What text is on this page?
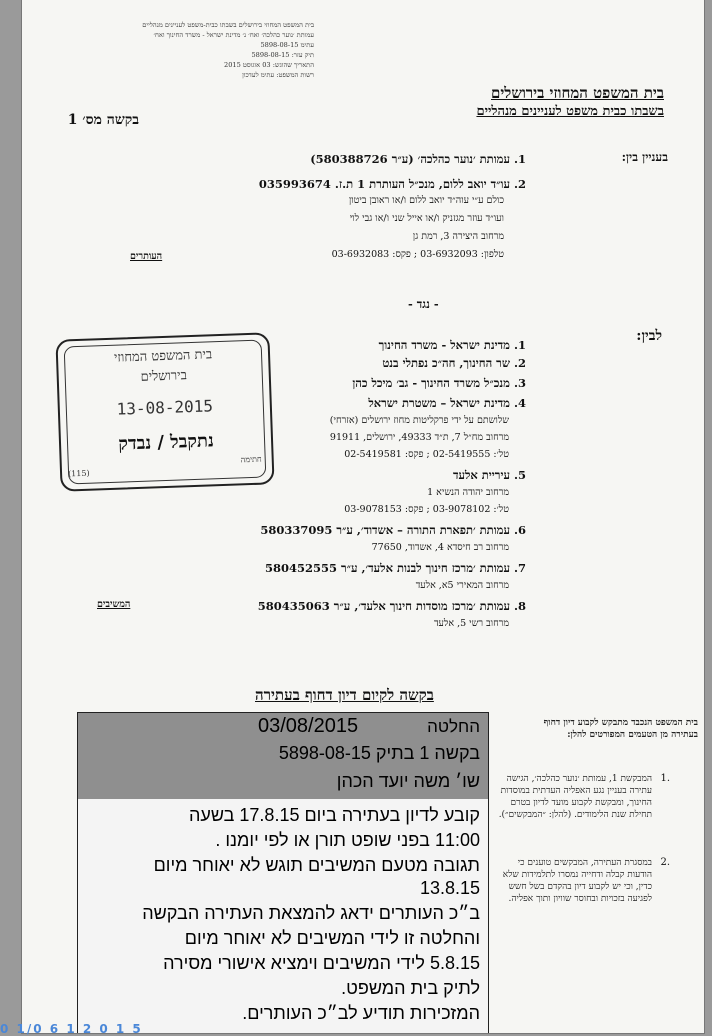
בית המשפט המחוזי בירושלים בשבתו כבית-משפט לעניינים מנהליים
עמותת ׳נוער כהלכה׳ ואח׳ נ׳ מדינת ישראל - משרד החינוך ואח׳
עתימ 5898-08-15
תיק עזר: 5898-08-15
התאריך שהוגש: 03 אוגוסט 2015
רשות המשפט: עתימ לעדכון
בית המשפט המחוזי בירושלים
בשבתו כבית משפט לעניינים מנהליים
בקשה מס׳ 1
בעניין בין:
1. עמותת ׳נוער כהלכה׳ (ע״ר 580388726)
2. עו״ד יואב ללום, מנכ״ל העותרת 1 ת.ז. 035993674
כולם ע״י עוה״ד יואב ללום ו/או ראובן ביטון
ועו״ד עוזר מגזניק ו/או אייל שני ו/או גבי לוי
מרחוב היצירה 3, רמת גן
טלפון: 03-6932093 ; פקס: 03-6932083
העותרים
- נגד -
לבין:
1. מדינת ישראל - משרד החינוך
2. שר החינוך, חה״כ נפתלי בנט
3. מנכ״ל משרד החינוך - גב׳ מיכל כהן
4. מדינת ישראל – משטרת ישראל
שלושתם על ידי פרקליטות מחוז ירושלים (אזרחי)
מרחוב מח״ל 7, ת״ד 49333, ירושלים, 91911
טל׳: 02-5419555 ; פקס: 02-5419581
5. עיריית אלעד
מרחוב יהודה הנשיא 1
טל׳: 03-9078102 ; פקס: 03-9078153
6. עמותת ׳תפארת התורה – אשדוד׳, ע״ר 580337095
מרחוב רב חיסדא 4, אשדוד, 77650
7. עמותת ׳מרכז חינוך לבנות אלעד׳, ע״ר 580452555
מרחוב המאירי 5א, אלעד
8. עמותת ׳מרכז מוסדות חינוך אלעד׳, ע״ר 580435063
מרחוב רשי 5, אלעד
המשיבים
בית המשפט המחוזי
בירושלים
13-08-2015
נתקבל / נבדק
חתימה
(115)
בקשה לקיום דיון דחוף בעתירה
בית המשפט הנכבד מתבקש לקבוע דיון דחוף בעתירה מן הטעמים המפורטים להלן:
1.
המבקשת 1, עמותת ׳נוער כהלכה׳, הגישה עתירה בעניין נגע האפליה העדתית במוסדות החינוך, ומבקשת לקבוע מועד לדיון בטרם תחילת שנת הלימודים. (להלן: ״המבקשים״).
2.
במסגרת העתירה, המבקשים טוענים כי הודעות קבלה ודחייה נמסרו לתלמידות שלא כדין, וכי יש לקבוע דיון בהקדם בשל חשש לפגיעה בזכויות ובחוסר שוויון ותוך אפליה.
החלטה
03/08/2015
בקשה 1 בתיק 5898-08-15
שו׳ משה יועד הכהן
קובע לדיון בעתירה ביום 17.8.15 בשעה
11:00 בפני שופט תורן או לפי יומנו .
תגובה מטעם המשיבים תוגש לא יאוחר מיום
13.8.15
ב״כ העותרים ידאג להמצאת העתירה הבקשה
והחלטה זו לידי המשיבים לא יאוחר מיום
5.8.15 לידי המשיבים וימציא אישורי מסירה
לתיק בית המשפט.
המזכירות תודיע לב״כ העותרים.
0 1/0 6 1 2 0 1 5
